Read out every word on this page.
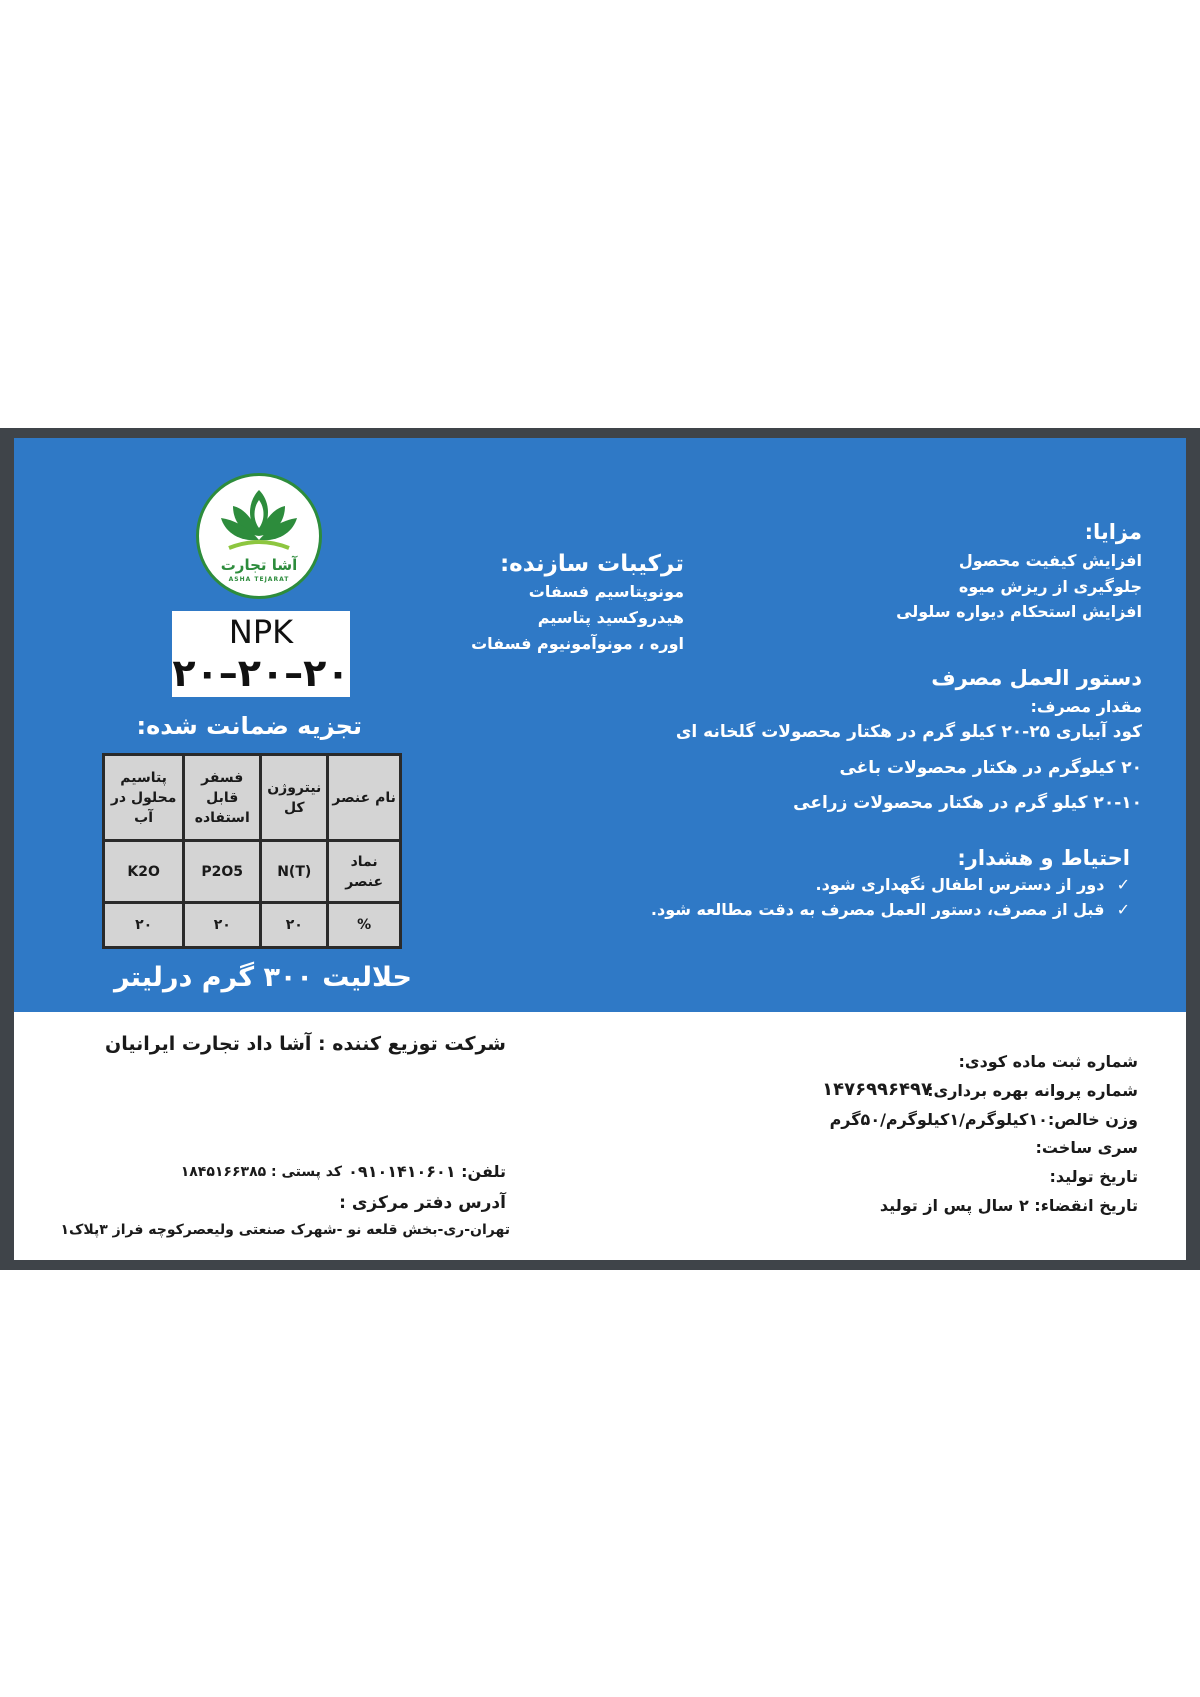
آشا تجارت
ASHA TEJARAT
NPK
۲۰–۲۰–۲۰
تجزیه ضمانت شده:
نام عنصر	نیتروژن کل	فسفر قابل استفاده	پتاسیم محلول در آب
نماد عنصر	N(T)	P2O5	K2O
%	۲۰	۲۰	۲۰
حلالیت ۳۰۰ گرم درلیتر
ترکیبات سازنده:
مونوپتاسیم فسفات
هیدروکسید پتاسیم
اوره ، مونوآمونیوم فسفات
مزایا:
افزایش کیفیت محصول
جلوگیری از ریزش میوه
افزایش استحکام دیواره سلولی
دستور العمل مصرف
مقدار مصرف:
کود آبیاری ۲۵-۲۰ کیلو گرم در هکتار محصولات گلخانه ای
۲۰ کیلوگرم در هکتار محصولات باغی
۲۰-۱۰ کیلو گرم در هکتار محصولات زراعی
احتیاط و هشدار:
✓ دور از دسترس اطفال نگهداری شود.
✓ قبل از مصرف، دستور العمل مصرف به دقت مطالعه شود.
شرکت توزیع کننده : آشا داد تجارت ایرانیان
تلفن: ۰۹۱۰۱۴۱۰۶۰۱
کد پستی : ۱۸۴۵۱۶۶۳۸۵
آدرس دفتر مرکزی :
تهران-ری-بخش قلعه نو -شهرک صنعتی ولیعصرکوچه فراز ۳پلاک۱
شماره ثبت ماده کودی:
شماره پروانه بهره برداری:
۱۴۷۶۹۹۶۴۹۷
وزن خالص:۱۰کیلوگرم/۱کیلوگرم/۵۰گرم
سری ساخت:
تاریخ تولید:
تاریخ انقضاء: ۲ سال پس از تولید
